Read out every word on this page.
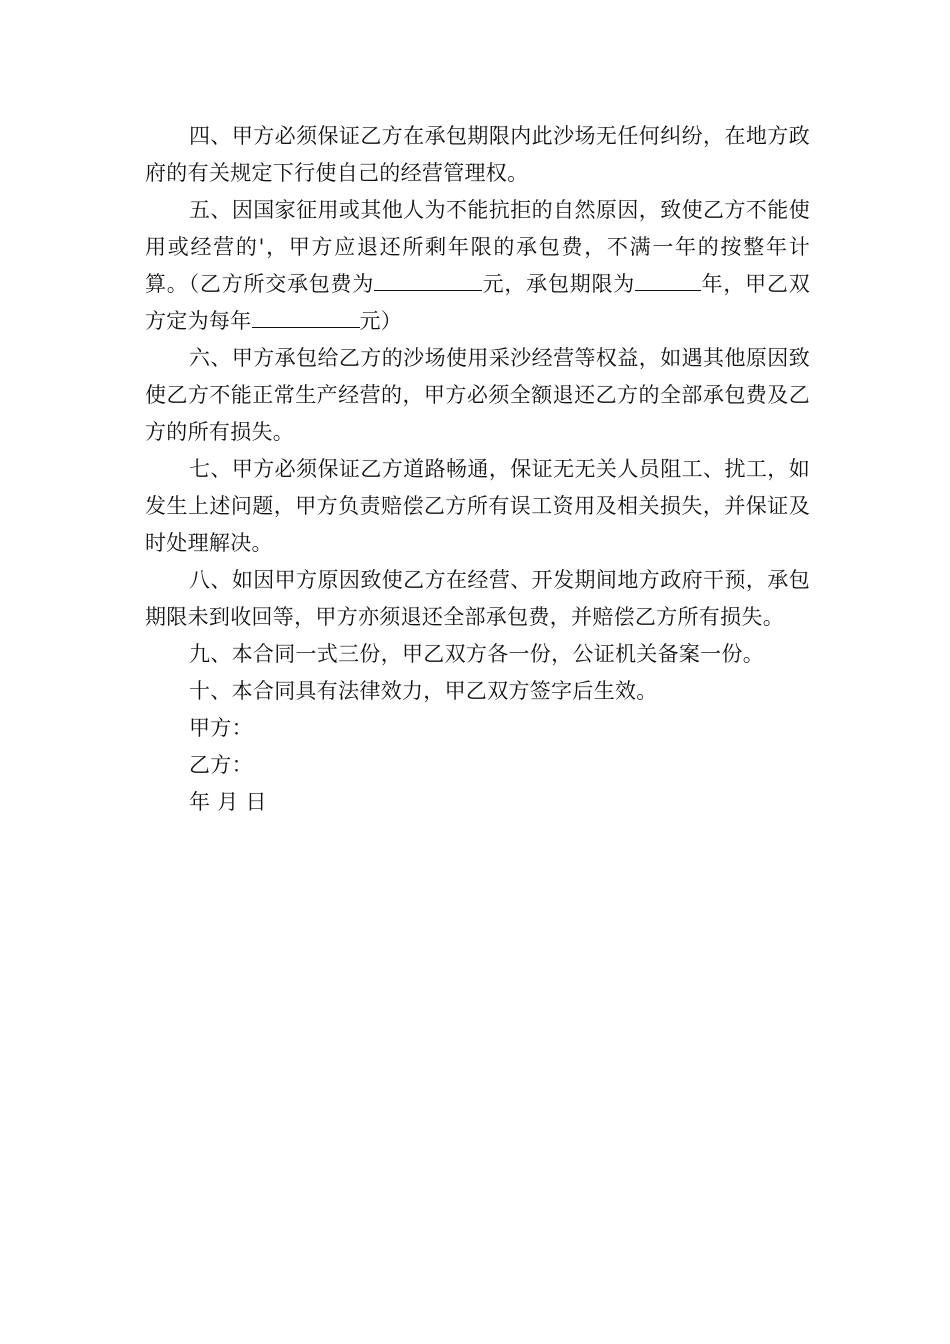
四、甲方必须保证乙方在承包期限内此沙场无任何纠纷，在地方政府的有关规定下行使自己的经营管理权。

五、因国家征用或其他人为不能抗拒的自然原因，致使乙方不能使用或经营的'，甲方应退还所剩年限的承包费，不满一年的按整年计算。（乙方所交承包费为	元，承包期限为	年，甲乙双方定为每年	元）

六、甲方承包给乙方的沙场使用采沙经营等权益，如遇其他原因致使乙方不能正常生产经营的，甲方必须全额退还乙方的全部承包费及乙方的所有损失。

七、甲方必须保证乙方道路畅通，保证无无关人员阻工、扰工，如发生上述问题，甲方负责赔偿乙方所有误工资用及相关损失，并保证及时处理解决。

八、如因甲方原因致使乙方在经营、开发期间地方政府干预，承包期限未到收回等，甲方亦须退还全部承包费，并赔偿乙方所有损失。

九、本合同一式三份，甲乙双方各一份，公证机关备案一份。

十、本合同具有法律效力，甲乙双方签字后生效。

甲方：

乙方：

年 月 日
